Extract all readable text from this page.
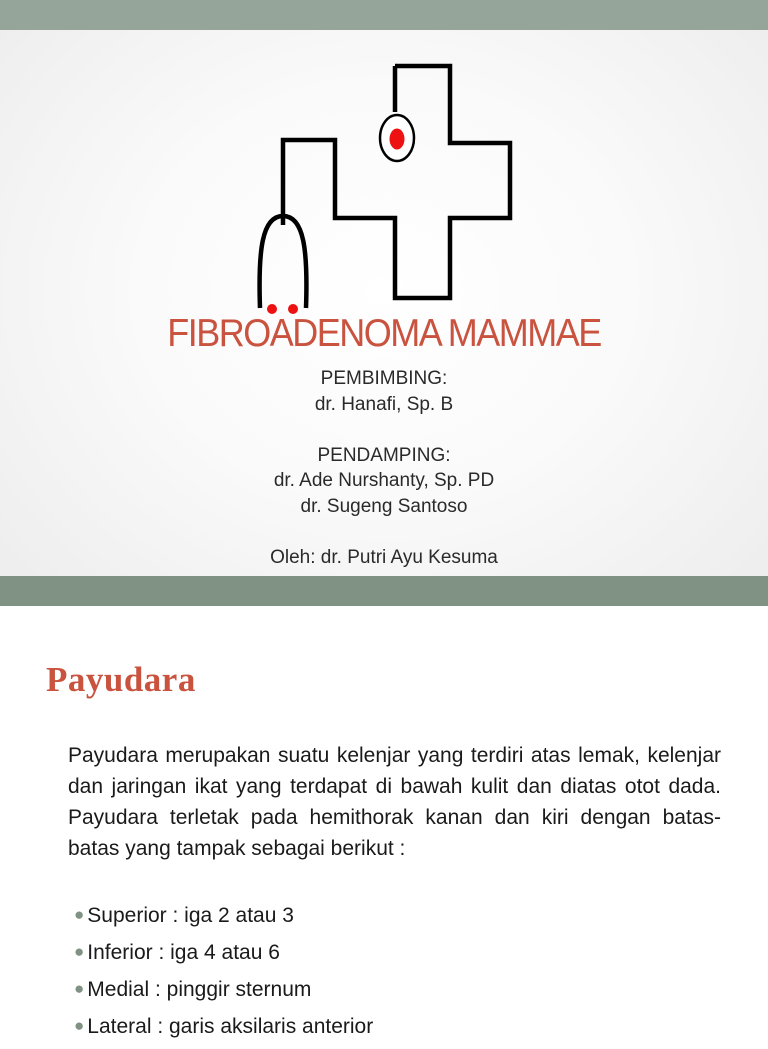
FIBROADENOMA MAMMAE
PEMBIMBING:
dr. Hanafi, Sp. B
PENDAMPING:
dr. Ade Nurshanty, Sp. PD
dr. Sugeng Santoso
Oleh: dr. Putri Ayu Kesuma
Payudara
Payudara merupakan suatu kelenjar yang terdiri atas lemak, kelenjar dan jaringan ikat yang terdapat di bawah kulit dan diatas otot dada. Payudara terletak pada hemithorak kanan dan kiri dengan batas-batas yang tampak sebagai berikut :
● Superior : iga 2 atau 3
● Inferior : iga 4 atau 6
● Medial : pinggir sternum
● Lateral : garis aksilaris anterior
